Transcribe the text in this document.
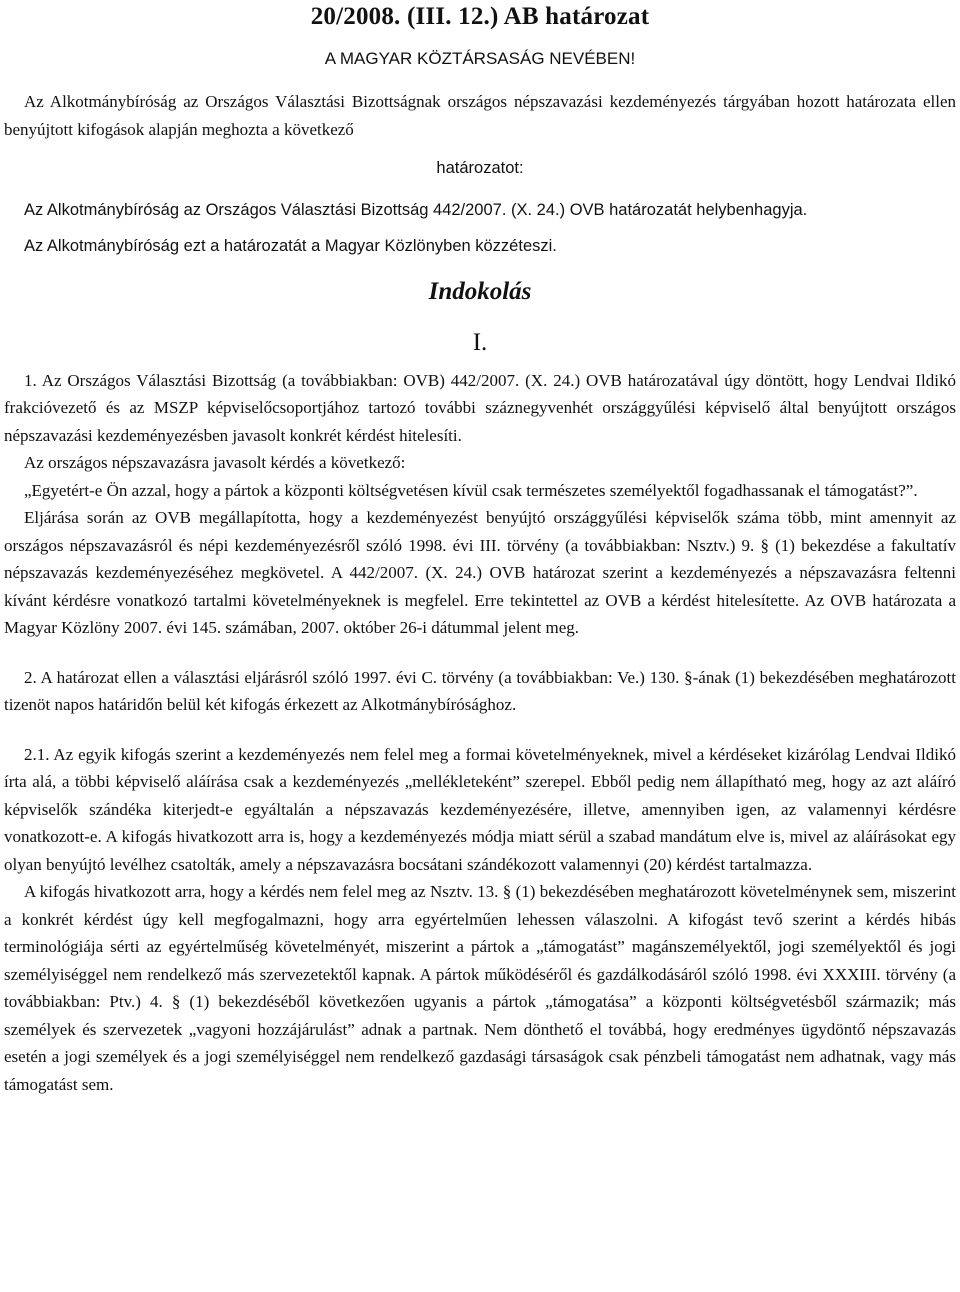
20/2008. (III. 12.) AB határozat
A MAGYAR KÖZTÁRSASÁG NEVÉBEN!

Az Alkotmánybíróság az Országos Választási Bizottságnak országos népszavazási kezdeményezés tárgyában hozott határozata ellen benyújtott kifogások alapján meghozta a következő

határozatot:

Az Alkotmánybíróság az Országos Választási Bizottság 442/2007. (X. 24.) OVB határozatát helybenhagyja.

Az Alkotmánybíróság ezt a határozatát a Magyar Közlönyben közzéteszi.

Indokolás
I.

1. Az Országos Választási Bizottság (a továbbiakban: OVB) 442/2007. (X. 24.) OVB határozatával úgy döntött, hogy Lendvai Ildikó frakcióvezető és az MSZP képviselőcsoportjához tartozó további száznegyvenhét országgyűlési képviselő által benyújtott országos népszavazási kezdeményezésben javasolt konkrét kérdést hitelesíti.

Az országos népszavazásra javasolt kérdés a következő:

„Egyetért-e Ön azzal, hogy a pártok a központi költségvetésen kívül csak természetes személyektől fogadhassanak el támogatást?”.

Eljárása során az OVB megállapította, hogy a kezdeményezést benyújtó országgyűlési képviselők száma több, mint amennyit az országos népszavazásról és népi kezdeményezésről szóló 1998. évi III. törvény (a továbbiakban: Nsztv.) 9. § (1) bekezdése a fakultatív népszavazás kezdeményezéséhez megkövetel. A 442/2007. (X. 24.) OVB határozat szerint a kezdeményezés a népszavazásra feltenni kívánt kérdésre vonatkozó tartalmi követelményeknek is megfelel. Erre tekintettel az OVB a kérdést hitelesítette. Az OVB határozata a Magyar Közlöny 2007. évi 145. számában, 2007. október 26-i dátummal jelent meg.

2. A határozat ellen a választási eljárásról szóló 1997. évi C. törvény (a továbbiakban: Ve.) 130. §-ának (1) bekezdésében meghatározott tizenöt napos határidőn belül két kifogás érkezett az Alkotmánybírósághoz.

2.1. Az egyik kifogás szerint a kezdeményezés nem felel meg a formai követelményeknek, mivel a kérdéseket kizárólag Lendvai Ildikó írta alá, a többi képviselő aláírása csak a kezdeményezés „mellékleteként” szerepel. Ebből pedig nem állapítható meg, hogy az azt aláíró képviselők szándéka kiterjedt-e egyáltalán a népszavazás kezdeményezésére, illetve, amennyiben igen, az valamennyi kérdésre vonatkozott-e. A kifogás hivatkozott arra is, hogy a kezdeményezés módja miatt sérül a szabad mandátum elve is, mivel az aláírásokat egy olyan benyújtó levélhez csatolták, amely a népszavazásra bocsátani szándékozott valamennyi (20) kérdést tartalmazza.

A kifogás hivatkozott arra, hogy a kérdés nem felel meg az Nsztv. 13. § (1) bekezdésében meghatározott követelménynek sem, miszerint a konkrét kérdést úgy kell megfogalmazni, hogy arra egyértelműen lehessen válaszolni. A kifogást tevő szerint a kérdés hibás terminológiája sérti az egyértelműség követelményét, miszerint a pártok a „támogatást” magánszemélyektől, jogi személyektől és jogi személyiséggel nem rendelkező más szervezetektől kapnak. A pártok működéséről és gazdálkodásáról szóló 1998. évi XXXIII. törvény (a továbbiakban: Ptv.) 4. § (1) bekezdéséből következően ugyanis a pártok „támogatása” a központi költségvetésből származik; más személyek és szervezetek „vagyoni hozzájárulást” adnak a partnak. Nem dönthető el továbbá, hogy eredményes ügydöntő népszavazás esetén a jogi személyek és a jogi személyiséggel nem rendelkező gazdasági társaságok csak pénzbeli támogatást nem adhatnak, vagy más támogatást sem.
